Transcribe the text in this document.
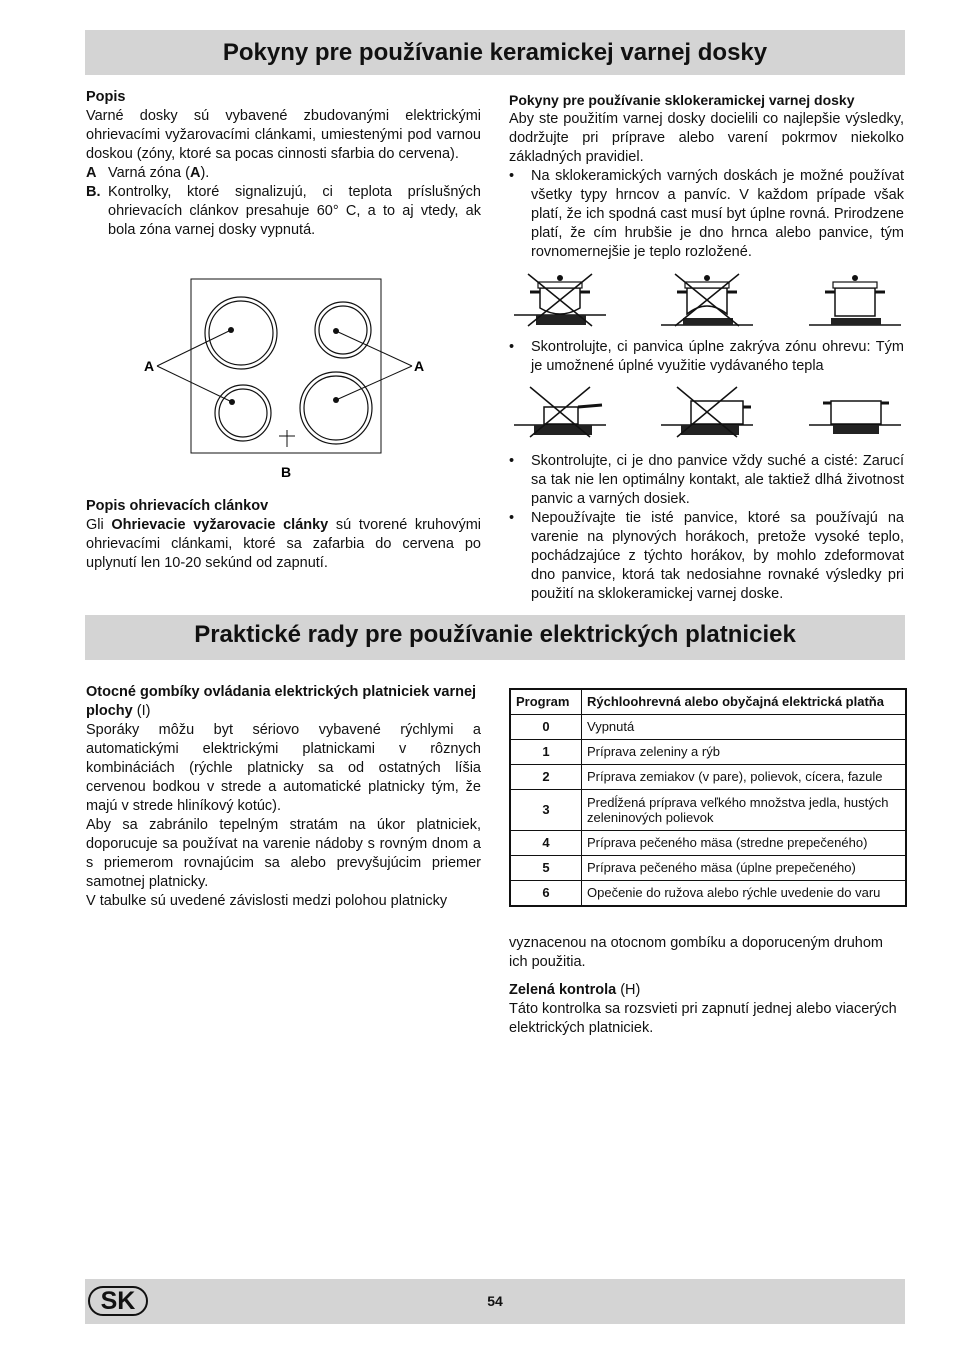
Pokyny pre používanie keramickej varnej dosky

Popis

Varné dosky sú vybavené zbudovanými elektrickými ohrievacími vyžarovacími clánkami, umiestenými pod varnou doskou (zóny, ktoré sa pocas cinnosti sfarbia do cervena).

A Varná zóna (A).
B. Kontrolky, ktoré signalizujú, ci teplota príslušných ohrievacích clánkov presahuje 60° C, a to aj vtedy, ak bola zóna varnej dosky vypnutá.
A	A
B

Popis ohrievacích clánkov

Gli Ohrievacie vyžarovacie clánky sú tvorené kruhovými ohrievacími clánkami, ktoré sa zafarbia do cervena po uplynutí len 10-20 sekúnd od zapnutí.

Pokyny pre používanie sklokeramickej varnej dosky

Aby ste použitím varnej dosky docielili co najlepšie výsledky, dodržujte pri príprave alebo varení pokrmov niekolko základných pravidiel.

• Na sklokeramických varných doskách je možné používat všetky typy hrncov a panvíc. V každom prípade však platí, že ich spodná cast musí byt úplne rovná. Prirodzene platí, že cím hrubšie je dno hrnca alebo panvice, tým rovnomernejšie je teplo rozložené.
• Skontrolujte, ci panvica úplne zakrýva zónu ohrevu: Tým je umožnené úplné využitie vydávaného tepla
• Skontrolujte, ci je dno panvice vždy suché a cisté: Zarucí sa tak nie len optimálny kontakt, ale taktiež dlhá životnost panvic a varných dosiek.
• Nepoužívajte tie isté panvice, ktoré sa používajú na varenie na plynových horákoch, pretože vysoké teplo, pochádzajúce z týchto horákov, by mohlo zdeformovat dno panvice, ktorá tak nedosiahne rovnaké výsledky pri použití na sklokeramickej varnej doske.
Praktické rady pre používanie elektrických platniciek

Otocné gombíky ovládania elektrických platniciek varnej plochy (I)

Sporáky môžu byt sériovo vybavené rýchlymi a automatickými elektrickými platnickami v rôznych kombináciách (rýchle platnicky sa od ostatných líšia cervenou bodkou v strede a automatické platnicky tým, že majú v strede hliníkový kotúc).

Aby sa zabránilo tepelným stratám na úkor platniciek, doporucuje sa používat na varenie nádoby s rovným dnom a s priemerom rovnajúcim sa alebo prevyšujúcim priemer samotnej platnicky.

V tabulke sú uvedené závislosti medzi polohou platnicky

Program	Rýchloohrevná alebo obyčajná elektrická platňa
0	Vypnutá
1	Príprava zeleniny a rýb
2	Príprava zemiakov (v pare), polievok, cícera, fazule
3	Predĺžená príprava veľkého množstva jedla, hustých zeleninových polievok
4	Príprava pečeného mäsa (stredne prepečeného)
5	Príprava pečeného mäsa (úplne prepečeného)
6	Opečenie do ružova alebo rýchle uvedenie do varu

vyznacenou na otocnom gombíku a doporuceným druhom ich použitia.

Zelená kontrola (H)

Táto kontrolka sa rozsvieti pri zapnutí jednej alebo viacerých elektrických platniciek.

SK	54
